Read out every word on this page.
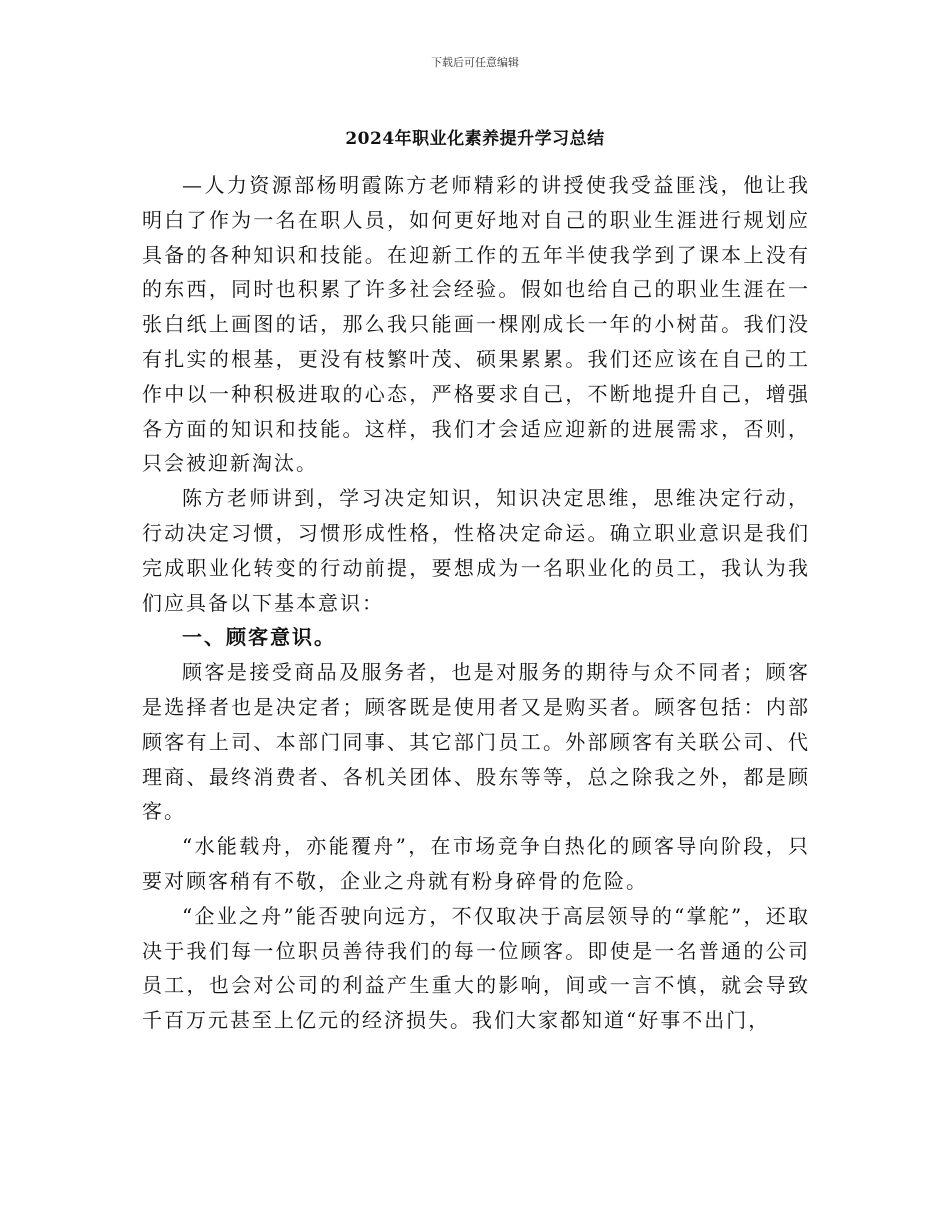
下载后可任意编辑
2024年职业化素养提升学习总结

—人力资源部杨明霞陈方老师精彩的讲授使我受益匪浅，他让我明白了作为一名在职人员，如何更好地对自己的职业生涯进行规划应具备的各种知识和技能。在迎新工作的五年半使我学到了课本上没有的东西，同时也积累了许多社会经验。假如也给自己的职业生涯在一张白纸上画图的话，那么我只能画一棵刚成长一年的小树苗。我们没有扎实的根基，更没有枝繁叶茂、硕果累累。我们还应该在自己的工作中以一种积极进取的心态，严格要求自己，不断地提升自己，增强各方面的知识和技能。这样，我们才会适应迎新的进展需求，否则，只会被迎新淘汰。

陈方老师讲到，学习决定知识，知识决定思维，思维决定行动，行动决定习惯，习惯形成性格，性格决定命运。确立职业意识是我们完成职业化转变的行动前提，要想成为一名职业化的员工，我认为我们应具备以下基本意识：

一、顾客意识。

顾客是接受商品及服务者，也是对服务的期待与众不同者；顾客是选择者也是决定者；顾客既是使用者又是购买者。顾客包括：内部顾客有上司、本部门同事、其它部门员工。外部顾客有关联公司、代理商、最终消费者、各机关团体、股东等等，总之除我之外，都是顾客。

“水能载舟，亦能覆舟”，在市场竞争白热化的顾客导向阶段，只要对顾客稍有不敬，企业之舟就有粉身碎骨的危险。

“企业之舟”能否驶向远方，不仅取决于高层领导的“掌舵”，还取决于我们每一位职员善待我们的每一位顾客。即使是一名普通的公司员工，也会对公司的利益产生重大的影响，间或一言不慎，就会导致千百万元甚至上亿元的经济损失。我们大家都知道“好事不出门，
